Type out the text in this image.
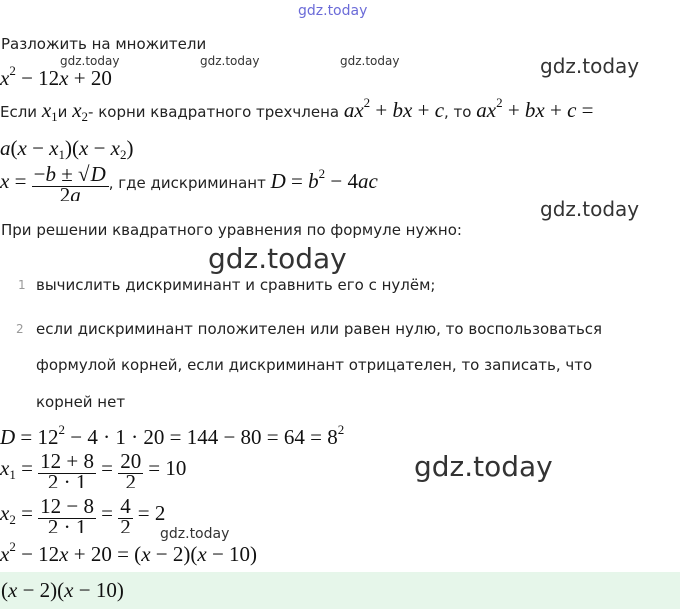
gdz.today
Разложить на множители
gdz.today	gdz.today	gdz.today	gdz.today
$x^2 - 12x + 20$
Если $x_1и$ $x_2-$ корни квадратного трехчлена $ax^2$ + bx + c, то $ax^2$ + bx + c =
$a(x - x_1)(x - x_2)$
$x = \frac{-b \pm √D}{2a}$ , где дискриминант $D = b^2 - 4ac$
gdz.today
При решении квадратного уравнения по формуле нужно:
gdz.today
1 вычислить дискриминант и сравнить его с нулём;
2 если дискриминант положителен или равен нулю, то воспользоваться
формулой корней, если дискриминант отрицателен, то записать, что
корней нет
$D = 12^2 - 4 \cdot 1 \cdot 20 = 144 - 80 = 64 = 8^2$
gdz.today
$x_1 = \frac{12 + 8}{2 \cdot 1} = \frac{20}{2} = 10$
$x_2 = \frac{12 - 8}{2 \cdot 1} = \frac{4}{2} = 2$
gdz.today
$x^2 - 12x + 20 = (x - 2)(x - 10)$
(x − 2)(x − 10)
